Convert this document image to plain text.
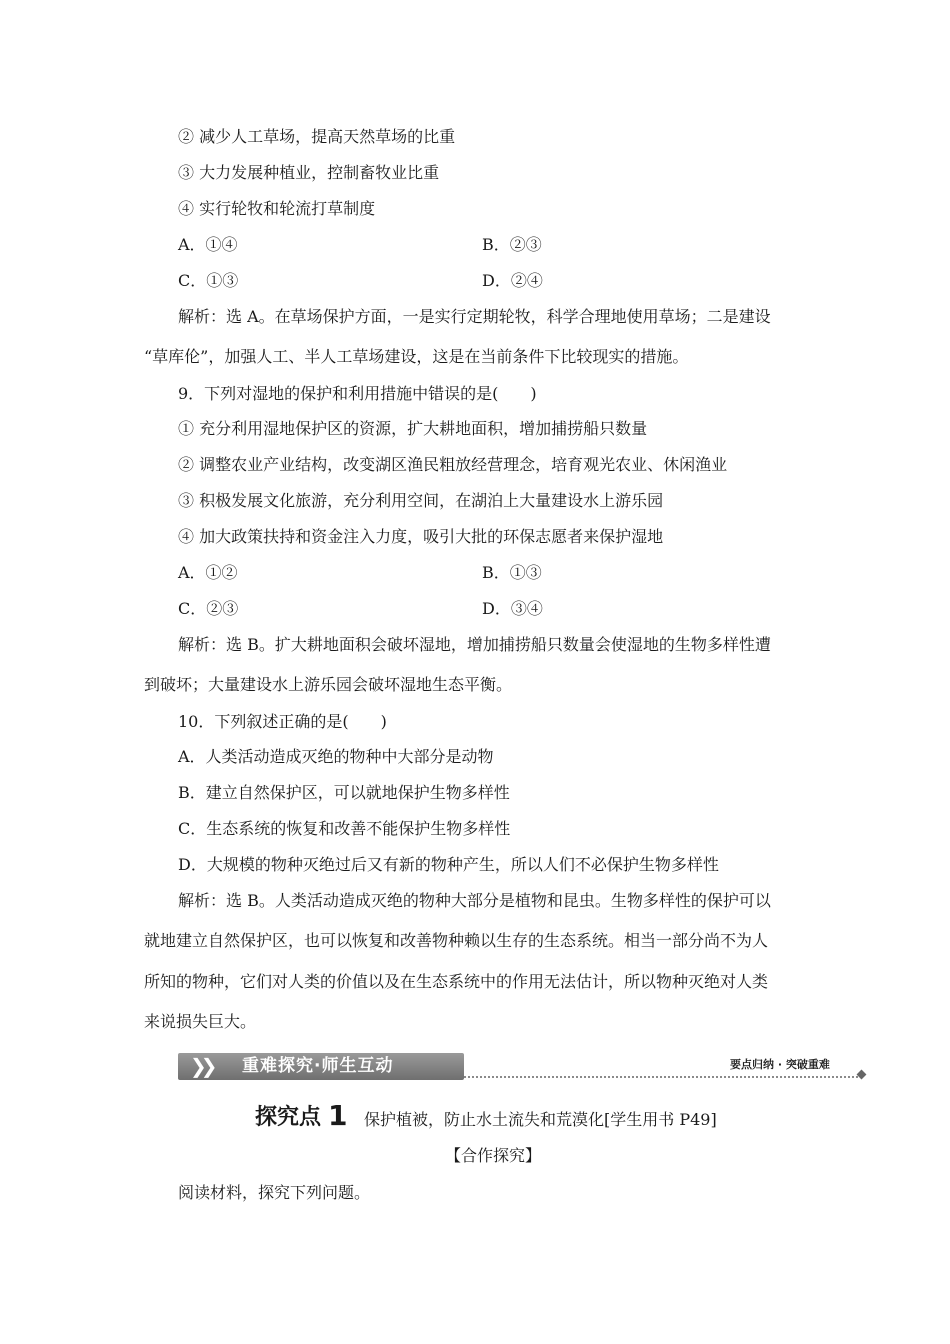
② 减少人工草场，提高天然草场的比重
③ 大力发展种植业，控制畜牧业比重
④ 实行轮牧和轮流打草制度
A．①④	B．②③
C．①③	D．②④
解析：选 A。在草场保护方面，一是实行定期轮牧，科学合理地使用草场；二是建设
“草库伦”，加强人工、半人工草场建设，这是在当前条件下比较现实的措施。
9．下列对湿地的保护和利用措施中错误的是(　　)
① 充分利用湿地保护区的资源，扩大耕地面积，增加捕捞船只数量
② 调整农业产业结构，改变湖区渔民粗放经营理念，培育观光农业、休闲渔业
③ 积极发展文化旅游，充分利用空间，在湖泊上大量建设水上游乐园
④ 加大政策扶持和资金注入力度，吸引大批的环保志愿者来保护湿地
A．①②	B．①③
C．②③	D．③④
解析：选 B。扩大耕地面积会破坏湿地，增加捕捞船只数量会使湿地的生物多样性遭
到破坏；大量建设水上游乐园会破坏湿地生态平衡。
10．下列叙述正确的是(　　)
A．人类活动造成灭绝的物种中大部分是动物
B．建立自然保护区，可以就地保护生物多样性
C．生态系统的恢复和改善不能保护生物多样性
D．大规模的物种灭绝过后又有新的物种产生，所以人们不必保护生物多样性
解析：选 B。人类活动造成灭绝的物种大部分是植物和昆虫。生物多样性的保护可以
就地建立自然保护区，也可以恢复和改善物种赖以生存的生态系统。相当一部分尚不为人
所知的物种，它们对人类的价值以及在生态系统中的作用无法估计，所以物种灭绝对人类
来说损失巨大。
❯❯ 重难探究·师生互动	要点归纳 · 突破重难
探究点 1 保护植被，防止水土流失和荒漠化[学生用书 P49]
【合作探究】
阅读材料，探究下列问题。
